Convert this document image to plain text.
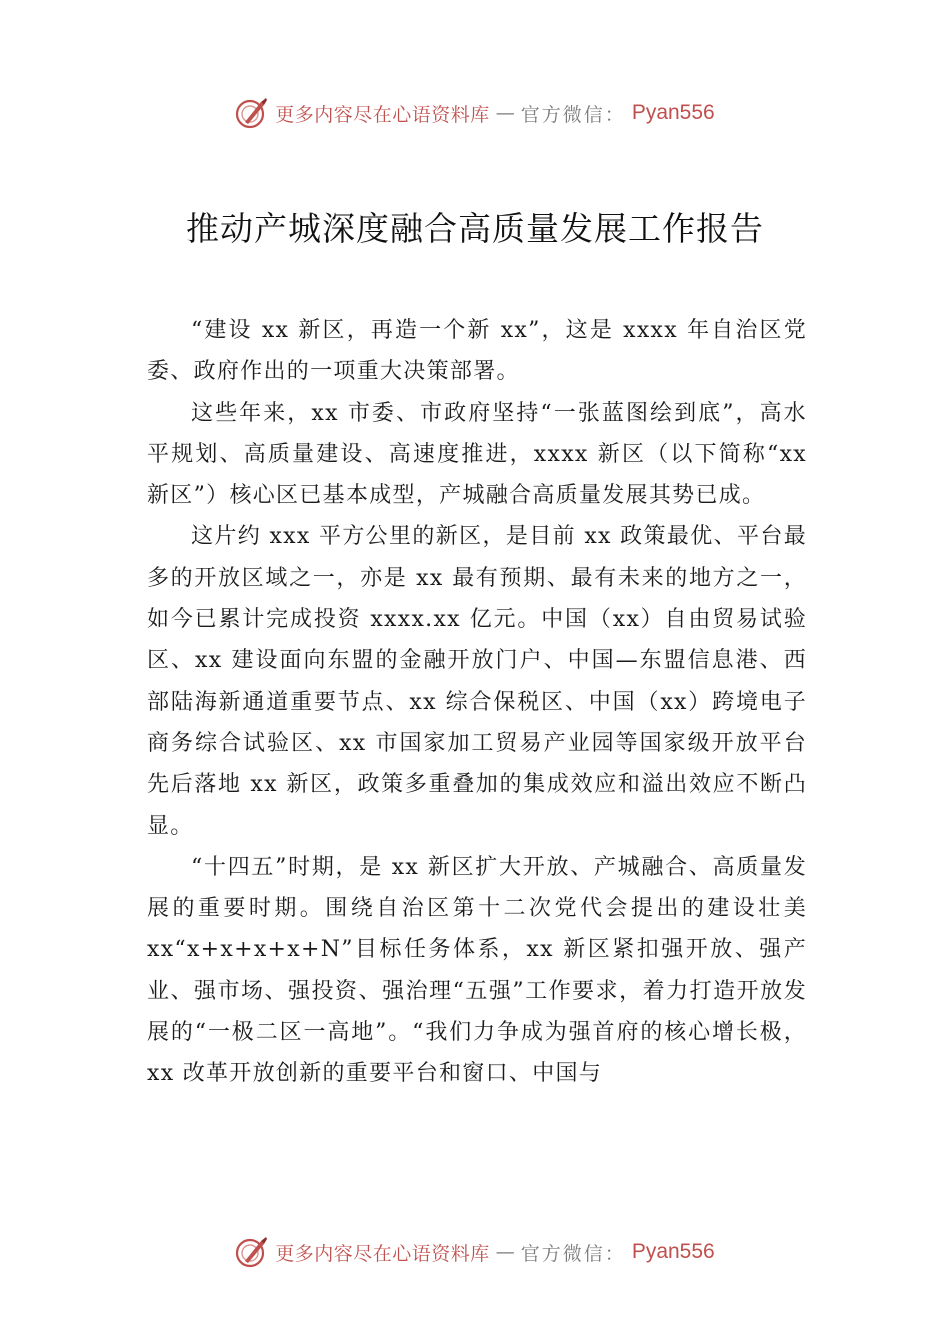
更多内容尽在心语资料库 — 官方微信： Pyan556
推动产城深度融合高质量发展工作报告

“建设 xx 新区，再造一个新 xx”，这是 xxxx 年自治区党委、政府作出的一项重大决策部署。

这些年来，xx 市委、市政府坚持“一张蓝图绘到底”，高水平规划、高质量建设、高速度推进，xxxx 新区（以下简称“xx 新区”）核心区已基本成型，产城融合高质量发展其势已成。

这片约 xxx 平方公里的新区，是目前 xx 政策最优、平台最多的开放区域之一，亦是 xx 最有预期、最有未来的地方之一，如今已累计完成投资 xxxx.xx 亿元。中国（xx）自由贸易试验区、xx 建设面向东盟的金融开放门户、中国—东盟信息港、西部陆海新通道重要节点、xx 综合保税区、中国（xx）跨境电子商务综合试验区、xx 市国家加工贸易产业园等国家级开放平台先后落地 xx 新区，政策多重叠加的集成效应和溢出效应不断凸显。

“十四五”时期，是 xx 新区扩大开放、产城融合、高质量发展的重要时期。围绕自治区第十二次党代会提出的建设壮美 xx“x+x+x+x+N”目标任务体系，xx 新区紧扣强开放、强产业、强市场、强投资、强治理“五强”工作要求，着力打造开放发展的“一极二区一高地”。“我们力争成为强首府的核心增长极，xx 改革开放创新的重要平台和窗口、中国与

更多内容尽在心语资料库 — 官方微信： Pyan556
